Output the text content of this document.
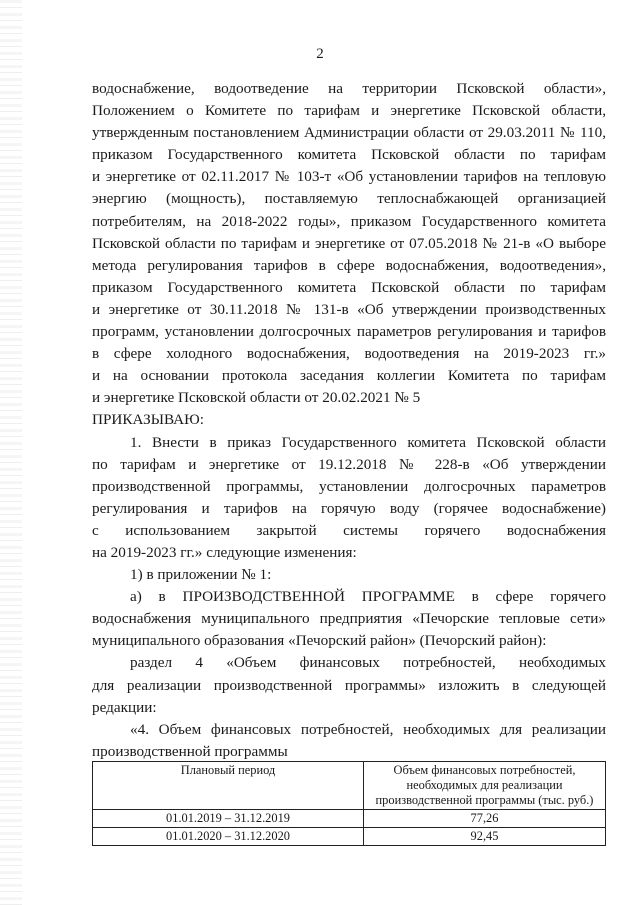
2
водоснабжение, водоотведение на территории Псковской области»,
Положением о Комитете по тарифам и энергетике Псковской области,
утвержденным постановлением Администрации области от 29.03.2011 № 110,
приказом Государственного комитета Псковской области по тарифам
и энергетике от 02.11.2017 № 103-т «Об установлении тарифов на тепловую
энергию (мощность), поставляемую теплоснабжающей организацией
потребителям, на 2018-2022 годы», приказом Государственного комитета
Псковской области по тарифам и энергетике от 07.05.2018 № 21-в «О выборе
метода регулирования тарифов в сфере водоснабжения, водоотведения»,
приказом Государственного комитета Псковской области по тарифам
и энергетике от 30.11.2018 № 131-в «Об утверждении производственных
программ, установлении долгосрочных параметров регулирования и тарифов
в сфере холодного водоснабжения, водоотведения на 2019-2023 гг.»
и на основании протокола заседания коллегии Комитета по тарифам
и энергетике Псковской области от 20.02.2021 № 5
ПРИКАЗЫВАЮ:
1. Внести в приказ Государственного комитета Псковской области
по тарифам и энергетике от 19.12.2018 № 228-в «Об утверждении
производственной программы, установлении долгосрочных параметров
регулирования и тарифов на горячую воду (горячее водоснабжение)
с использованием закрытой системы горячего водоснабжения
на 2019-2023 гг.» следующие изменения:
1) в приложении № 1:
а) в ПРОИЗВОДСТВЕННОЙ ПРОГРАММЕ в сфере горячего
водоснабжения муниципального предприятия «Печорские тепловые сети»
муниципального образования «Печорский район» (Печорский район):
раздел 4 «Объем финансовых потребностей, необходимых
для реализации производственной программы» изложить в следующей
редакции:
«4. Объем финансовых потребностей, необходимых для реализации
производственной программы
Плановый период	Объем финансовых потребностей, необходимых для реализации производственной программы (тыс. руб.)
01.01.2019 – 31.12.2019	77,26
01.01.2020 – 31.12.2020	92,45
